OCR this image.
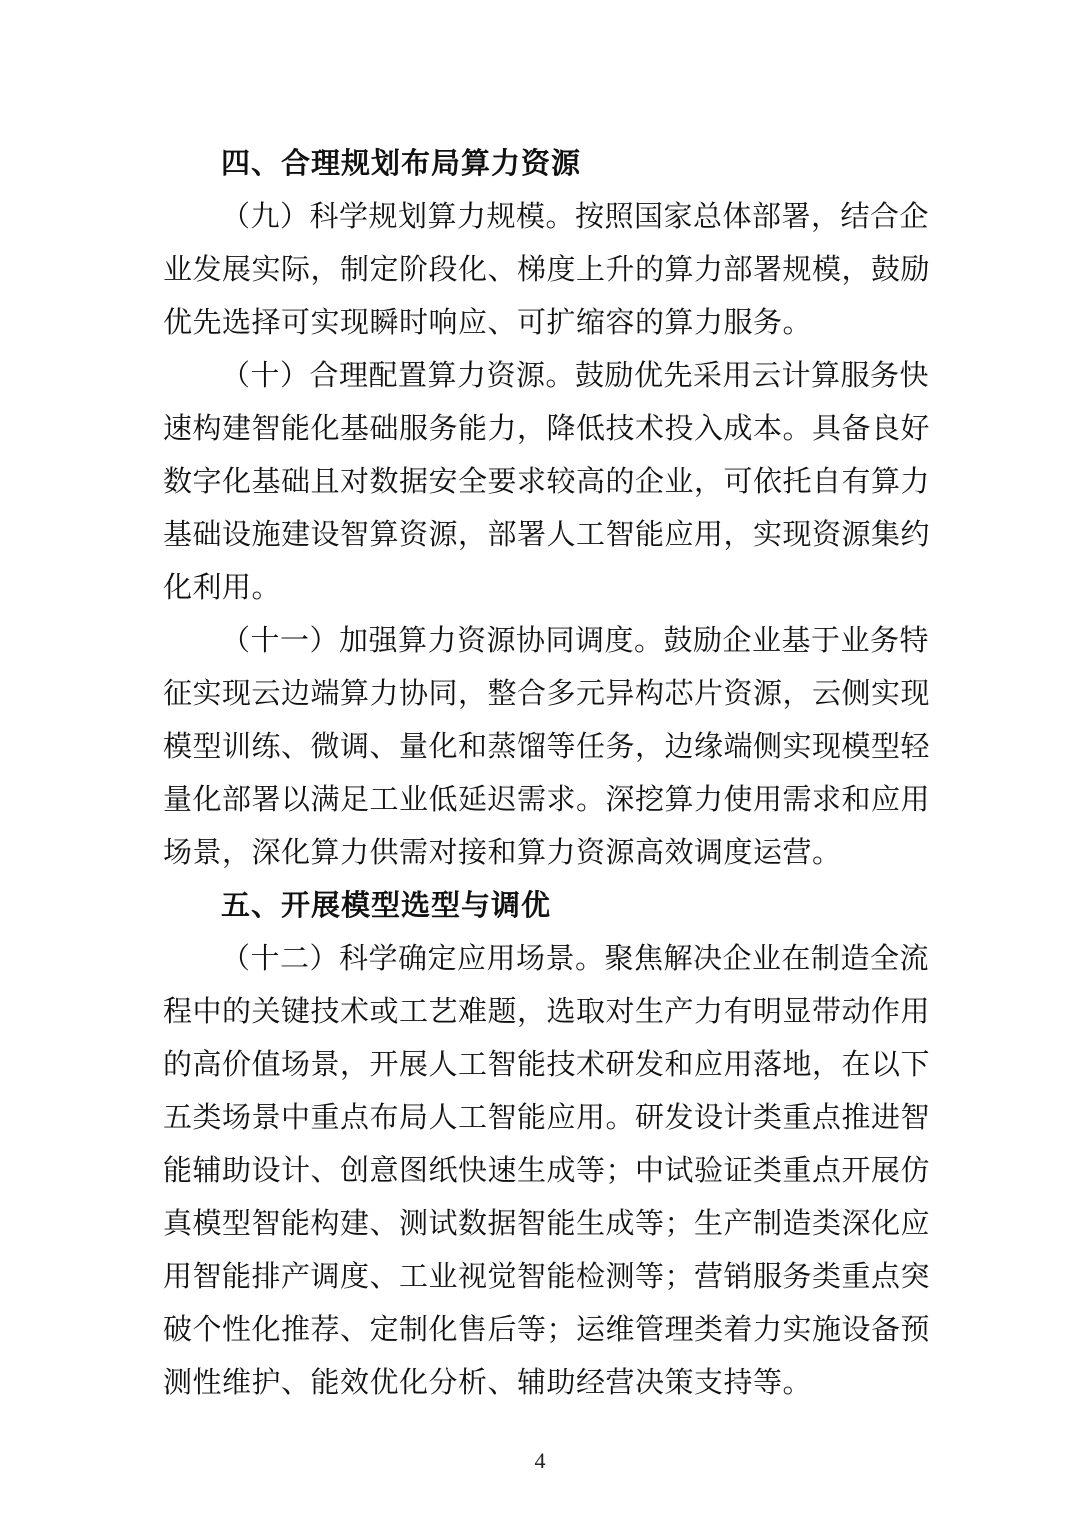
四、合理规划布局算力资源
（九）科学规划算力规模。按照国家总体部署，结合企
业发展实际，制定阶段化、梯度上升的算力部署规模，鼓励
优先选择可实现瞬时响应、可扩缩容的算力服务。
（十）合理配置算力资源。鼓励优先采用云计算服务快
速构建智能化基础服务能力，降低技术投入成本。具备良好
数字化基础且对数据安全要求较高的企业，可依托自有算力
基础设施建设智算资源，部署人工智能应用，实现资源集约
化利用。
（十一）加强算力资源协同调度。鼓励企业基于业务特
征实现云边端算力协同，整合多元异构芯片资源，云侧实现
模型训练、微调、量化和蒸馏等任务，边缘端侧实现模型轻
量化部署以满足工业低延迟需求。深挖算力使用需求和应用
场景，深化算力供需对接和算力资源高效调度运营。
五、开展模型选型与调优
（十二）科学确定应用场景。聚焦解决企业在制造全流
程中的关键技术或工艺难题，选取对生产力有明显带动作用
的高价值场景，开展人工智能技术研发和应用落地，在以下
五类场景中重点布局人工智能应用。研发设计类重点推进智
能辅助设计、创意图纸快速生成等；中试验证类重点开展仿
真模型智能构建、测试数据智能生成等；生产制造类深化应
用智能排产调度、工业视觉智能检测等；营销服务类重点突
破个性化推荐、定制化售后等；运维管理类着力实施设备预
测性维护、能效优化分析、辅助经营决策支持等。
4
